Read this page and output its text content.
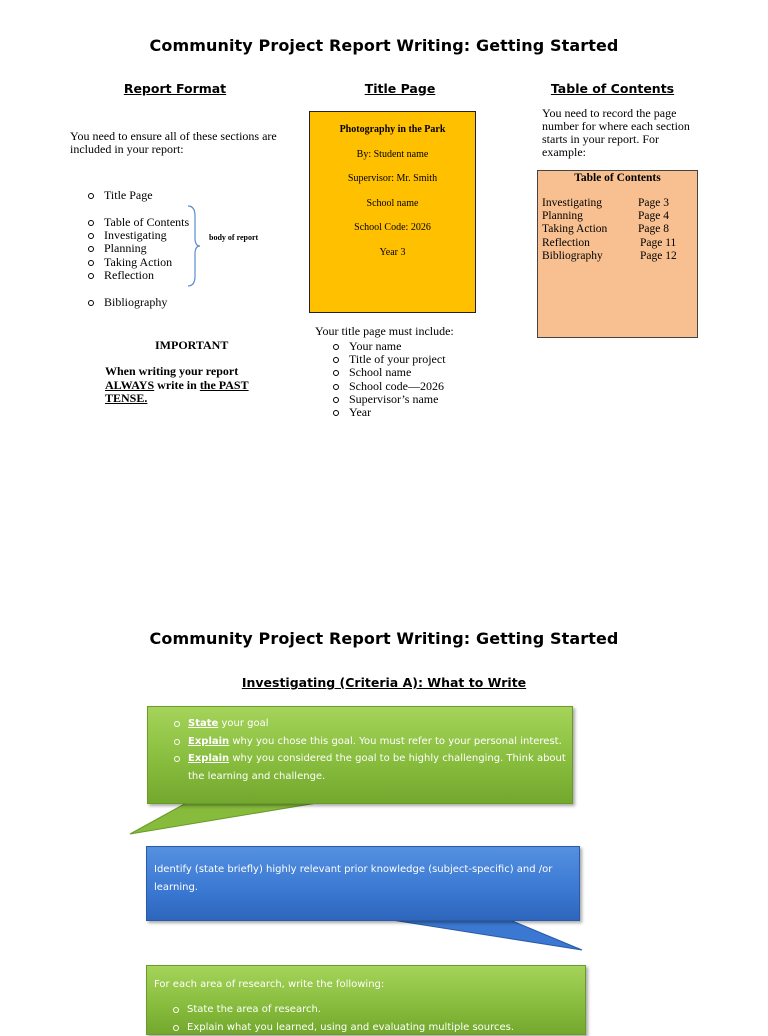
Community Project Report Writing: Getting Started
Report Format
You need to ensure all of these sections are included in your report:
Title Page
Table of Contents
Investigating
Planning
Taking Action
Reflection
body of report
Bibliography
IMPORTANT
When writing your report
ALWAYS write in the PAST
TENSE.
Title Page
Photography in the Park
By: Student name
Supervisor: Mr. Smith
School name
School Code: 2026
Year 3
Your title page must include:
Your name
Title of your project
School name
School code—2026
Supervisor’s name
Year
Table of Contents
You need to record the page number for where each section starts in your report. For example:
Table of Contents
Investigating	Page 3
Planning	Page 4
Taking Action	Page 8
Reflection	Page 11
Bibliography	Page 12
Community Project Report Writing: Getting Started
Investigating (Criteria A): What to Write
State your goal
Explain why you chose this goal. You must refer to your personal interest.
Explain why you considered the goal to be highly challenging. Think about the learning and challenge.
Identify (state briefly) highly relevant prior knowledge (subject-specific) and /or learning.
For each area of research, write the following:
State the area of research.
Explain what you learned, using and evaluating multiple sources.
